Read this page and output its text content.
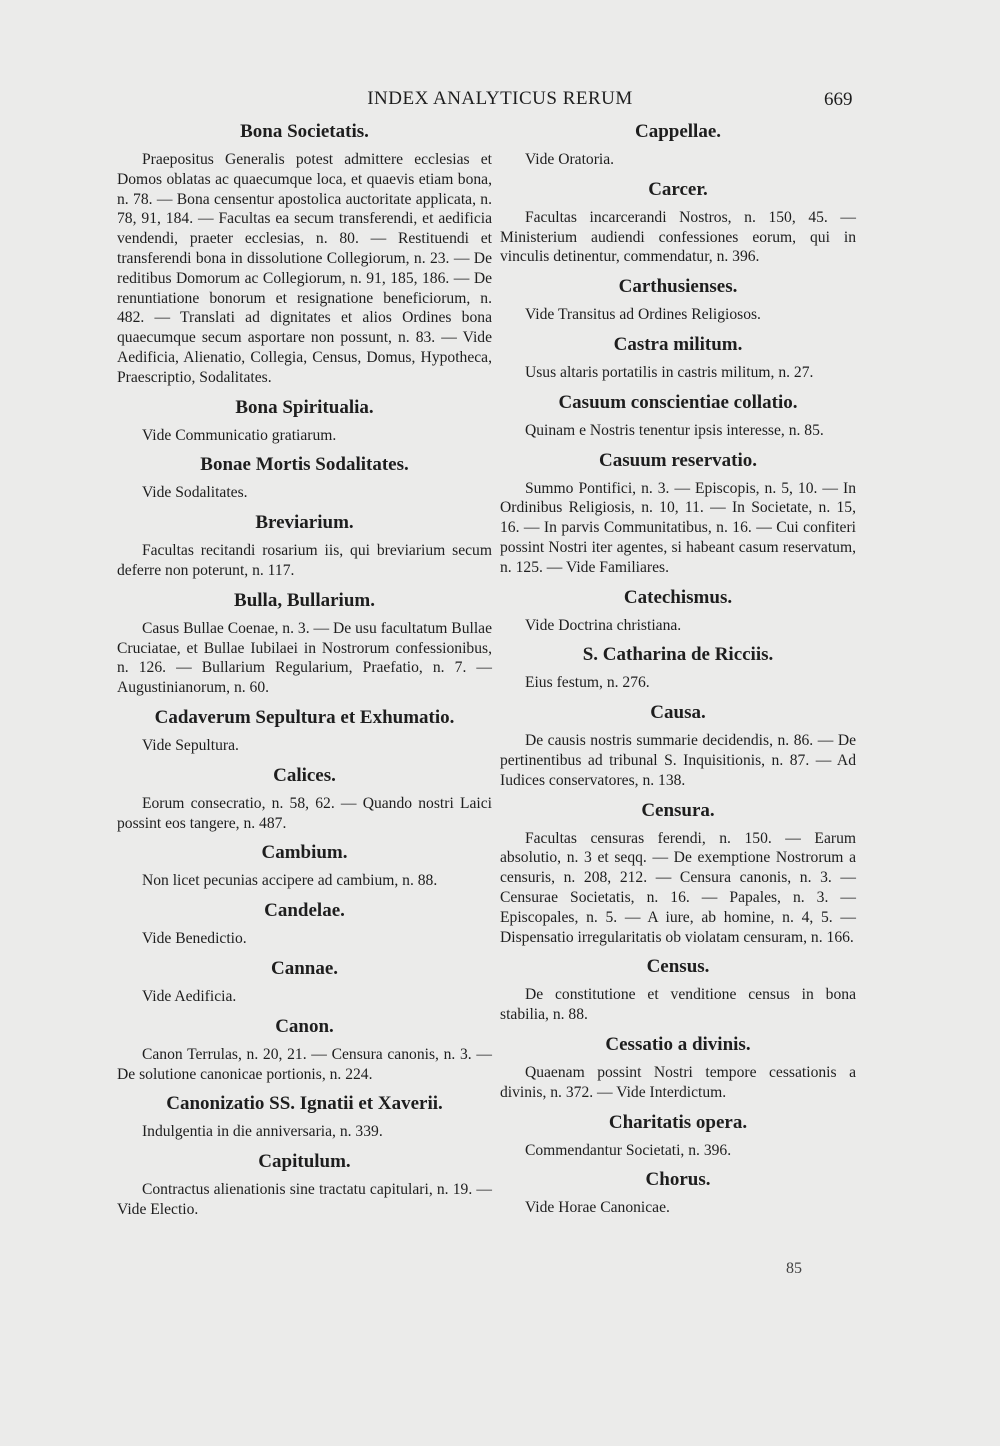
INDEX ANALYTICUS RERUM	669
Bona Societatis.
Praepositus Generalis potest admittere ecclesias et Domos oblatas ac quaecumque loca, et quaevis etiam bona, n. 78. — Bona censentur apostolica auctoritate applicata, n. 78, 91, 184. — Facultas ea secum transferendi, et aedificia vendendi, praeter ecclesias, n. 80. — Restituendi et transferendi bona in dissolutione Collegiorum, n. 23. — De reditibus Domorum ac Collegiorum, n. 91, 185, 186. — De renuntiatione bonorum et resignatione beneficiorum, n. 482. — Translati ad dignitates et alios Ordines bona quaecumque secum asportare non possunt, n. 83. — Vide Aedificia, Alienatio, Collegia, Census, Domus, Hypotheca, Praescriptio, Sodalitates.
Bona Spiritualia.
Vide Communicatio gratiarum.
Bonae Mortis Sodalitates.
Vide Sodalitates.
Breviarium.
Facultas recitandi rosarium iis, qui breviarium secum deferre non poterunt, n. 117.
Bulla, Bullarium.
Casus Bullae Coenae, n. 3. — De usu facultatum Bullae Cruciatae, et Bullae Iubilaei in Nostrorum confessionibus, n. 126. — Bullarium Regularium, Praefatio, n. 7. — Augustinianorum, n. 60.
Cadaverum Sepultura et Exhumatio.
Vide Sepultura.
Calices.
Eorum consecratio, n. 58, 62. — Quando nostri Laici possint eos tangere, n. 487.
Cambium.
Non licet pecunias accipere ad cambium, n. 88.
Candelae.
Vide Benedictio.
Cannae.
Vide Aedificia.
Canon.
Canon Terrulas, n. 20, 21. — Censura canonis, n. 3. — De solutione canonicae portionis, n. 224.
Canonizatio SS. Ignatii et Xaverii.
Indulgentia in die anniversaria, n. 339.
Capitulum.
Contractus alienationis sine tractatu capitulari, n. 19. — Vide Electio.
Cappellae.
Vide Oratoria.
Carcer.
Facultas incarcerandi Nostros, n. 150, 45. — Ministerium audiendi confessiones eorum, qui in vinculis detinentur, commendatur, n. 396.
Carthusienses.
Vide Transitus ad Ordines Religiosos.
Castra militum.
Usus altaris portatilis in castris militum, n. 27.
Casuum conscientiae collatio.
Quinam e Nostris tenentur ipsis interesse, n. 85.
Casuum reservatio.
Summo Pontifici, n. 3. — Episcopis, n. 5, 10. — In Ordinibus Religiosis, n. 10, 11. — In Societate, n. 15, 16. — In parvis Communitatibus, n. 16. — Cui confiteri possint Nostri iter agentes, si habeant casum reservatum, n. 125. — Vide Familiares.
Catechismus.
Vide Doctrina christiana.
S. Catharina de Ricciis.
Eius festum, n. 276.
Causa.
De causis nostris summarie decidendis, n. 86. — De pertinentibus ad tribunal S. Inquisitionis, n. 87. — Ad Iudices conservatores, n. 138.
Censura.
Facultas censuras ferendi, n. 150. — Earum absolutio, n. 3 et seqq. — De exemptione Nostrorum a censuris, n. 208, 212. — Censura canonis, n. 3. — Censurae Societatis, n. 16. — Papales, n. 3. — Episcopales, n. 5. — A iure, ab homine, n. 4, 5. — Dispensatio irregularitatis ob violatam censuram, n. 166.
Census.
De constitutione et venditione census in bona stabilia, n. 88.
Cessatio a divinis.
Quaenam possint Nostri tempore cessationis a divinis, n. 372. — Vide Interdictum.
Charitatis opera.
Commendantur Societati, n. 396.
Chorus.
Vide Horae Canonicae.
85
